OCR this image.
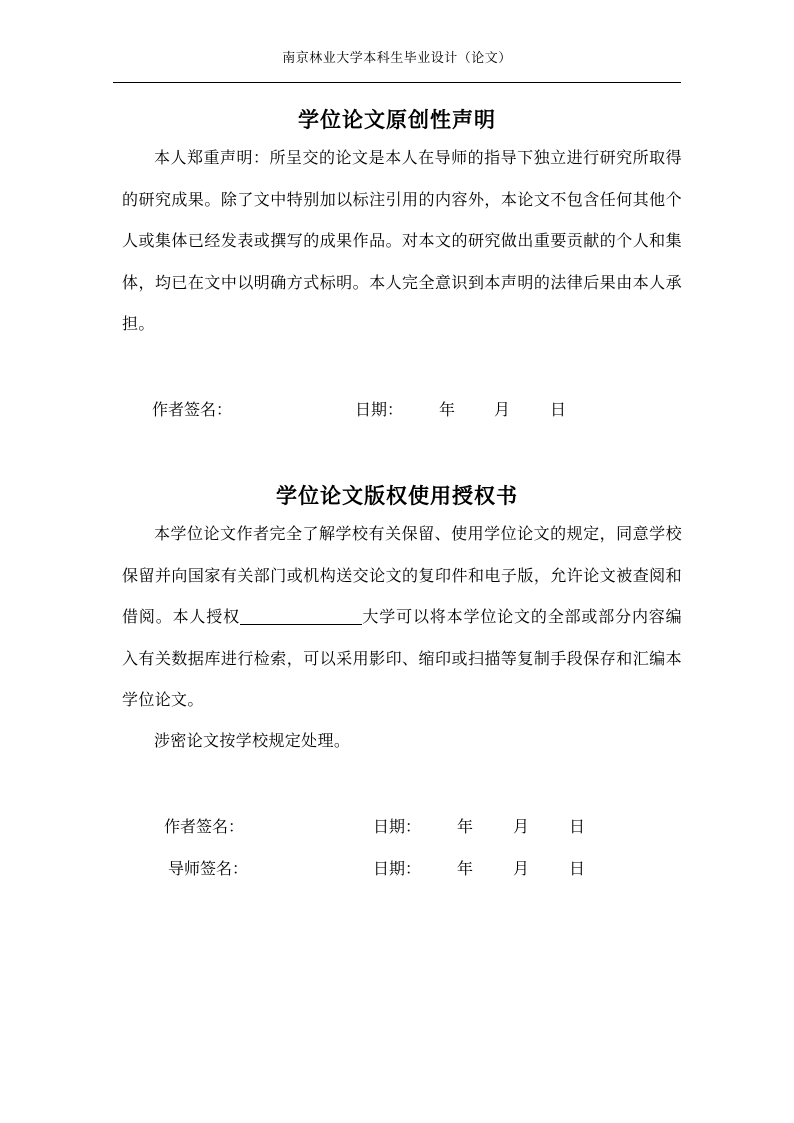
南京林业大学本科生毕业设计（论文）
学位论文原创性声明

本人郑重声明：所呈交的论文是本人在导师的指导下独立进行研究所取得的研究成果。除了文中特别加以标注引用的内容外，本论文不包含任何其他个人或集体已经发表或撰写的成果作品。对本文的研究做出重要贡献的个人和集体，均已在文中以明确方式标明。本人完全意识到本声明的法律后果由本人承担。

作者签名：	日期： 年 月 日
学位论文版权使用授权书

本学位论文作者完全了解学校有关保留、使用学位论文的规定，同意学校保留并向国家有关部门或机构送交论文的复印件和电子版，允许论文被查阅和借阅。本人授权	大学可以将本学位论文的全部或部分内容编入有关数据库进行检索，可以采用影印、缩印或扫描等复制手段保存和汇编本学位论文。

涉密论文按学校规定处理。

作者签名：	日期： 年 月 日
导师签名：	日期： 年 月 日
